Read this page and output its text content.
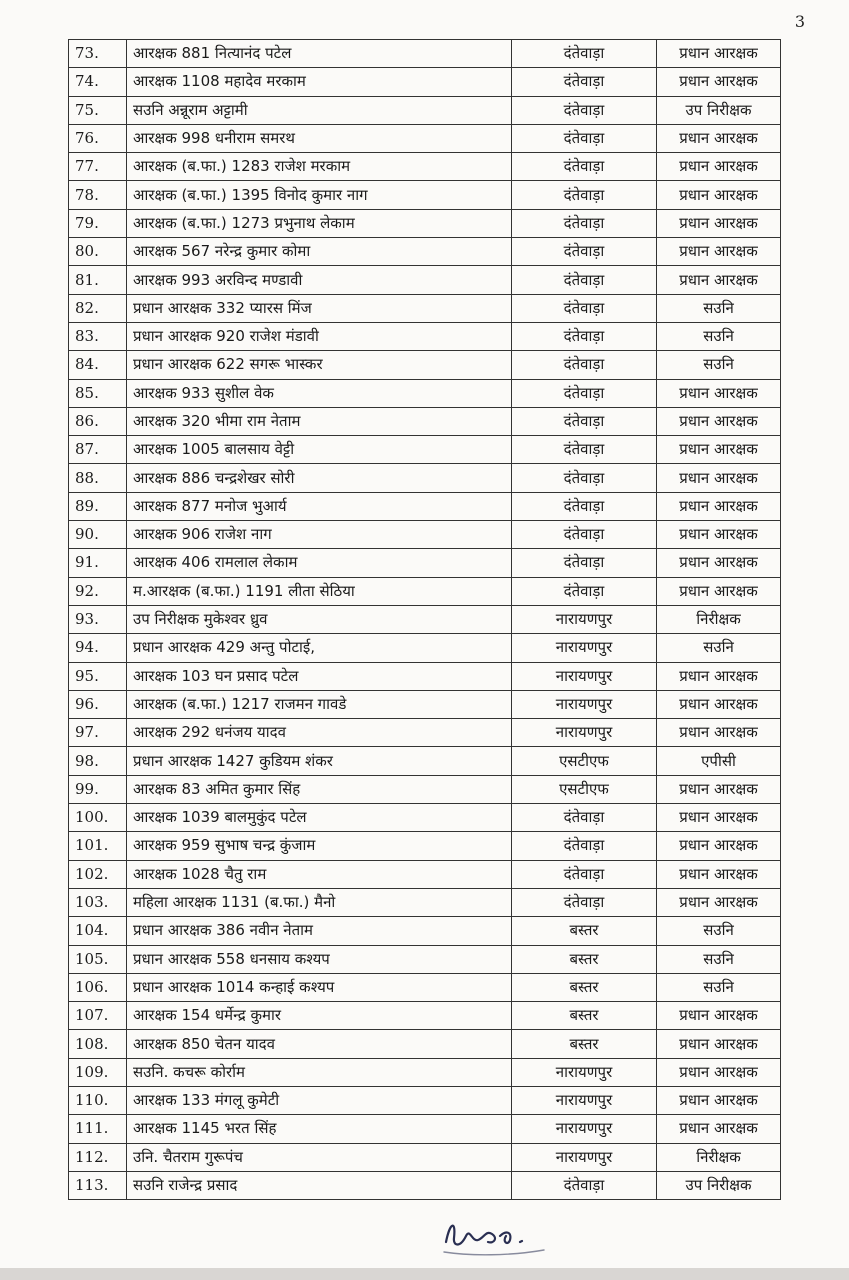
3
73.	आरक्षक 881 नित्यानंद पटेल	दंतेवाड़ा	प्रधान आरक्षक
74.	आरक्षक 1108 महादेव मरकाम	दंतेवाड़ा	प्रधान आरक्षक
75.	सउनि अन्नूराम अट्टामी	दंतेवाड़ा	उप निरीक्षक
76.	आरक्षक 998 धनीराम समरथ	दंतेवाड़ा	प्रधान आरक्षक
77.	आरक्षक (ब.फा.) 1283 राजेश मरकाम	दंतेवाड़ा	प्रधान आरक्षक
78.	आरक्षक (ब.फा.) 1395 विनोद कुमार नाग	दंतेवाड़ा	प्रधान आरक्षक
79.	आरक्षक (ब.फा.) 1273 प्रभुनाथ लेकाम	दंतेवाड़ा	प्रधान आरक्षक
80.	आरक्षक 567 नरेन्द्र कुमार कोमा	दंतेवाड़ा	प्रधान आरक्षक
81.	आरक्षक 993 अरविन्द मण्डावी	दंतेवाड़ा	प्रधान आरक्षक
82.	प्रधान आरक्षक 332 प्यारस मिंज	दंतेवाड़ा	सउनि
83.	प्रधान आरक्षक 920 राजेश मंडावी	दंतेवाड़ा	सउनि
84.	प्रधान आरक्षक 622 सगरू भास्कर	दंतेवाड़ा	सउनि
85.	आरक्षक 933 सुशील वेक	दंतेवाड़ा	प्रधान आरक्षक
86.	आरक्षक 320 भीमा राम नेताम	दंतेवाड़ा	प्रधान आरक्षक
87.	आरक्षक 1005 बालसाय वेट्टी	दंतेवाड़ा	प्रधान आरक्षक
88.	आरक्षक 886 चन्द्रशेखर सोरी	दंतेवाड़ा	प्रधान आरक्षक
89.	आरक्षक 877 मनोज भुआर्य	दंतेवाड़ा	प्रधान आरक्षक
90.	आरक्षक 906 राजेश नाग	दंतेवाड़ा	प्रधान आरक्षक
91.	आरक्षक 406 रामलाल लेकाम	दंतेवाड़ा	प्रधान आरक्षक
92.	म.आरक्षक (ब.फा.) 1191 लीता सेठिया	दंतेवाड़ा	प्रधान आरक्षक
93.	उप निरीक्षक मुकेश्वर ध्रुव	नारायणपुर	निरीक्षक
94.	प्रधान आरक्षक 429 अन्तु पोटाई,	नारायणपुर	सउनि
95.	आरक्षक 103 घन प्रसाद पटेल	नारायणपुर	प्रधान आरक्षक
96.	आरक्षक (ब.फा.) 1217 राजमन गावडे	नारायणपुर	प्रधान आरक्षक
97.	आरक्षक 292 धनंजय यादव	नारायणपुर	प्रधान आरक्षक
98.	प्रधान आरक्षक 1427 कुडियम शंकर	एसटीएफ	एपीसी
99.	आरक्षक 83 अमित कुमार सिंह	एसटीएफ	प्रधान आरक्षक
100.	आरक्षक 1039 बालमुकुंद पटेल	दंतेवाड़ा	प्रधान आरक्षक
101.	आरक्षक 959 सुभाष चन्द्र कुंजाम	दंतेवाड़ा	प्रधान आरक्षक
102.	आरक्षक 1028 चैतु राम	दंतेवाड़ा	प्रधान आरक्षक
103.	महिला आरक्षक 1131 (ब.फा.) मैनो	दंतेवाड़ा	प्रधान आरक्षक
104.	प्रधान आरक्षक 386 नवीन नेताम	बस्तर	सउनि
105.	प्रधान आरक्षक 558 धनसाय कश्यप	बस्तर	सउनि
106.	प्रधान आरक्षक 1014 कन्हाई कश्यप	बस्तर	सउनि
107.	आरक्षक 154 धर्मेन्द्र कुमार	बस्तर	प्रधान आरक्षक
108.	आरक्षक 850 चेतन यादव	बस्तर	प्रधान आरक्षक
109.	सउनि. कचरू कोर्राम	नारायणपुर	प्रधान आरक्षक
110.	आरक्षक 133 मंगलू कुमेटी	नारायणपुर	प्रधान आरक्षक
111.	आरक्षक 1145 भरत सिंह	नारायणपुर	प्रधान आरक्षक
112.	उनि. चैतराम गुरूपंच	नारायणपुर	निरीक्षक
113.	सउनि राजेन्द्र प्रसाद	दंतेवाड़ा	उप निरीक्षक
